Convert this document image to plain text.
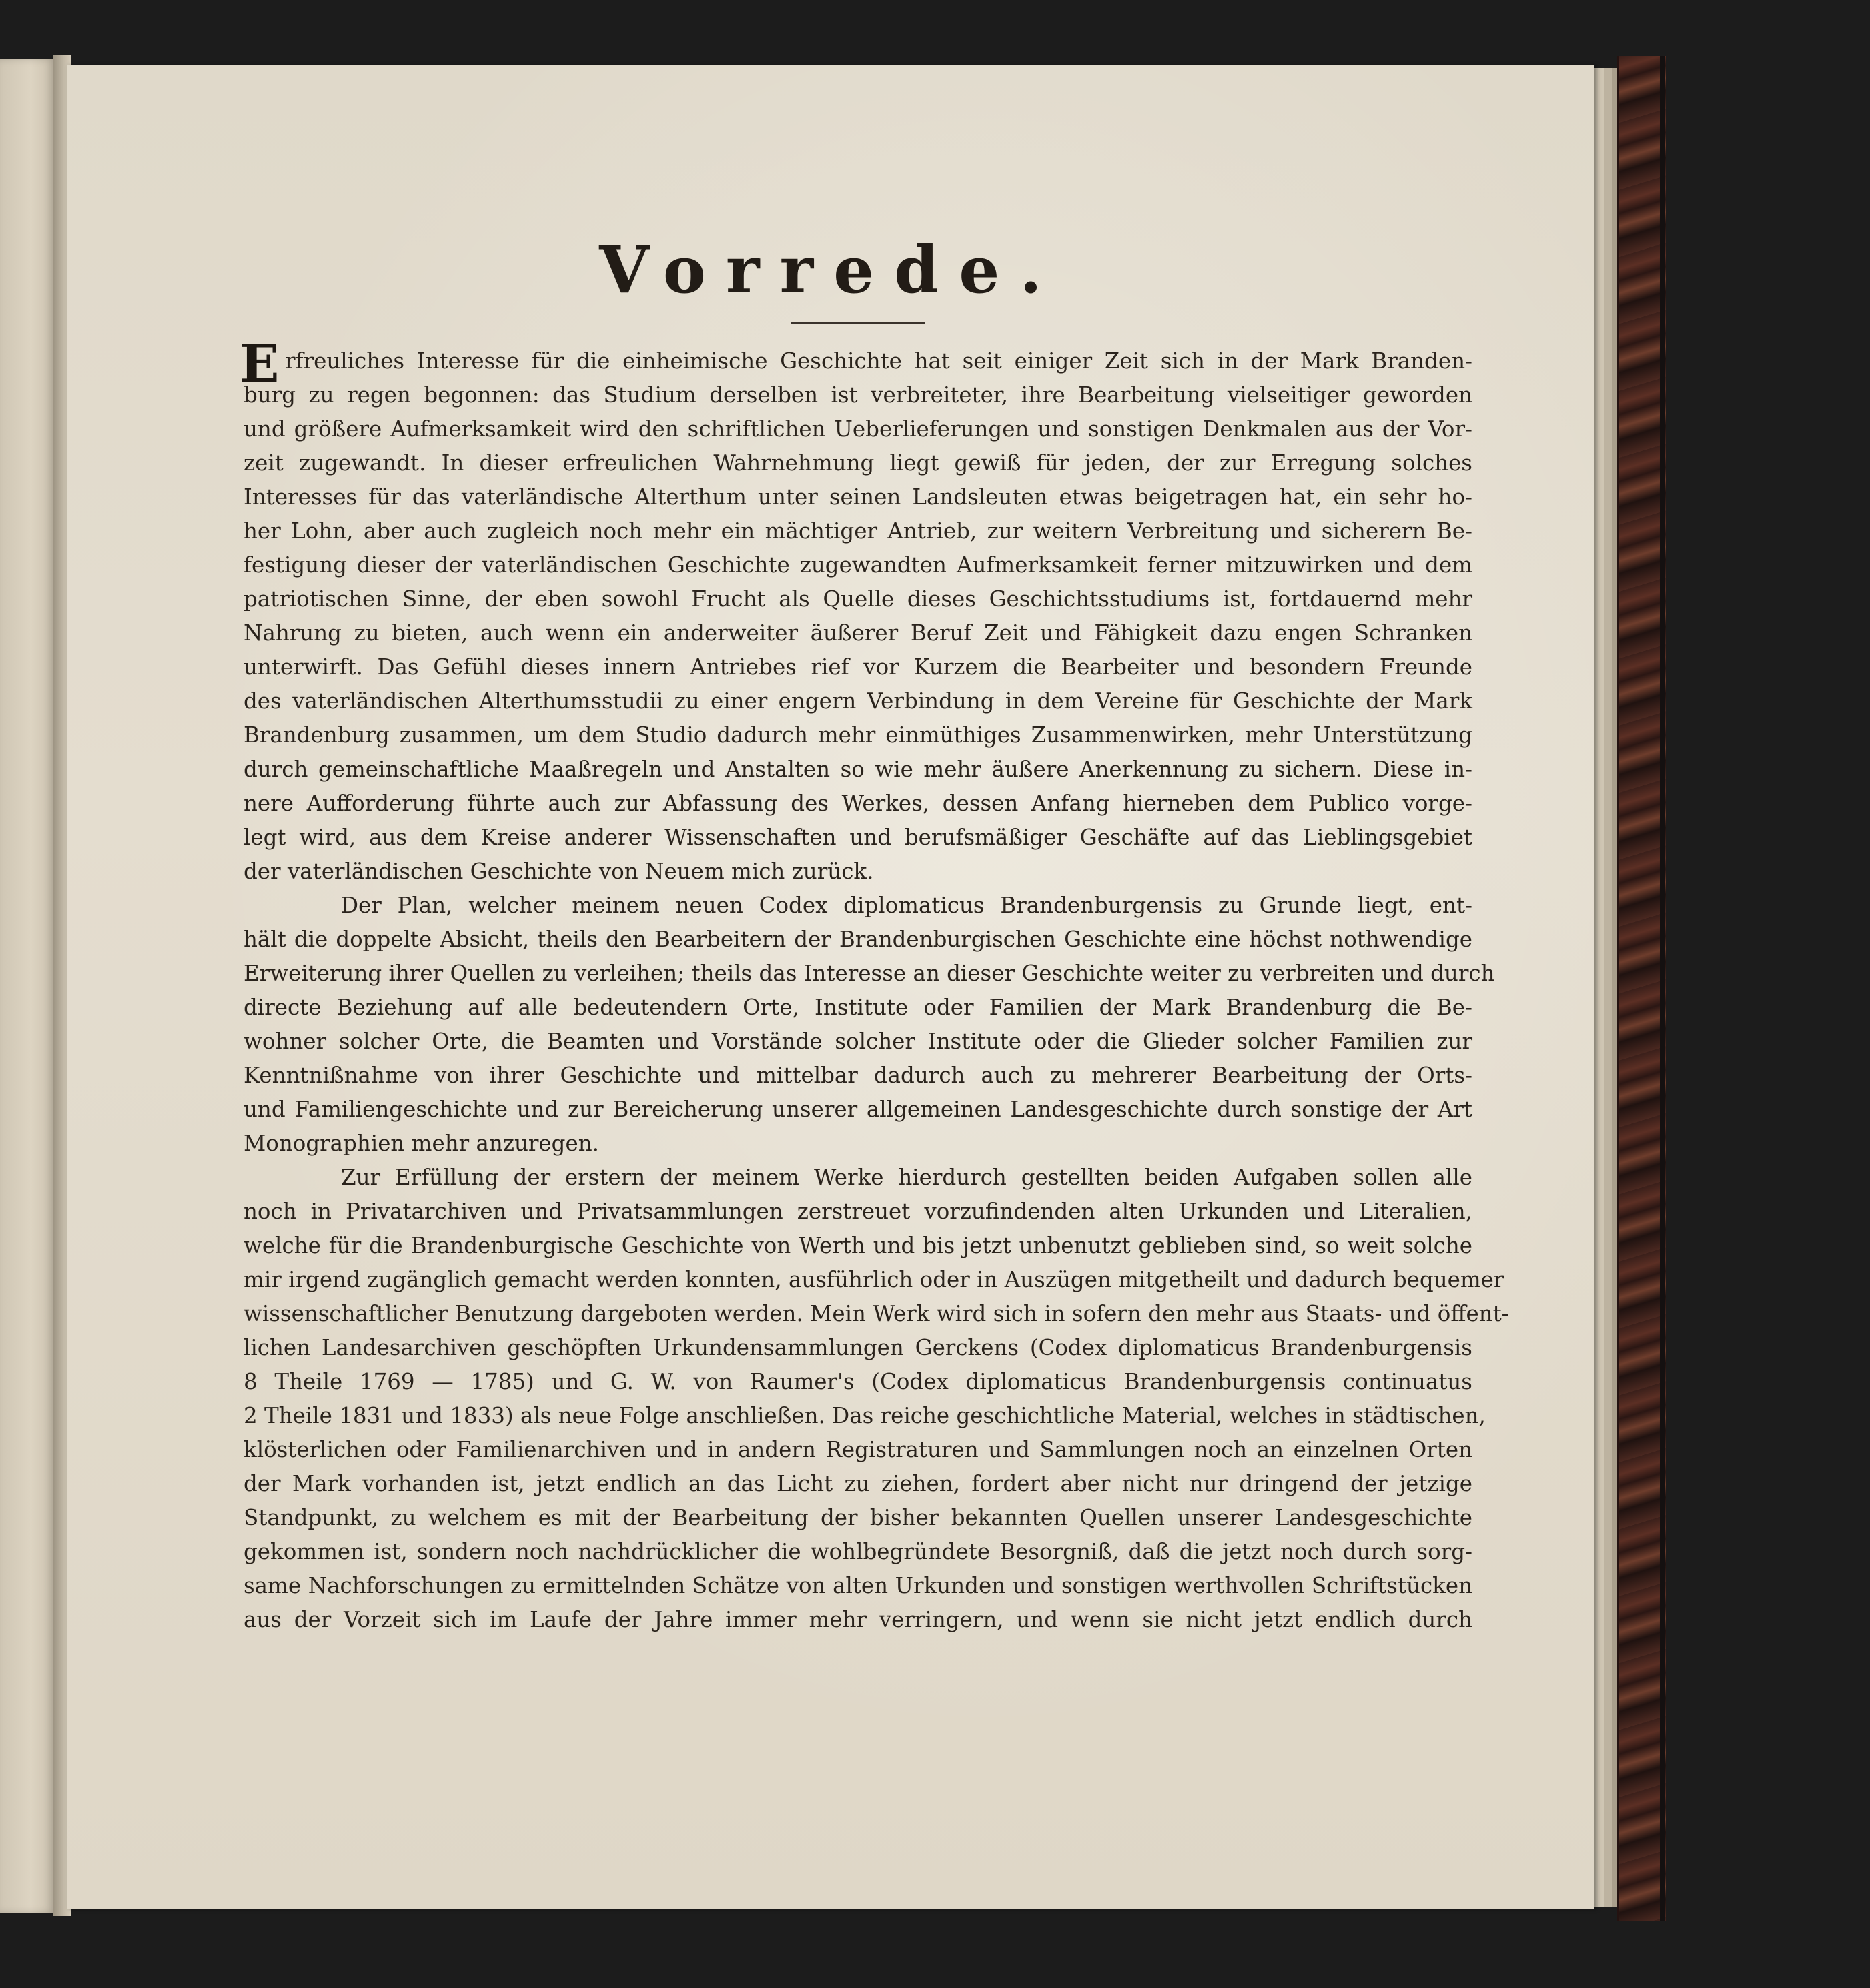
Vorrede.
E rfreuliches Interesse für die einheimische Geschichte hat seit einiger Zeit sich in der Mark Branden-
burg zu regen begonnen: das Studium derselben ist verbreiteter, ihre Bearbeitung vielseitiger geworden
und größere Aufmerksamkeit wird den schriftlichen Ueberlieferungen und sonstigen Denkmalen aus der Vor-
zeit zugewandt. In dieser erfreulichen Wahrnehmung liegt gewiß für jeden, der zur Erregung solches
Interesses für das vaterländische Alterthum unter seinen Landsleuten etwas beigetragen hat, ein sehr ho-
her Lohn, aber auch zugleich noch mehr ein mächtiger Antrieb, zur weitern Verbreitung und sicherern Be-
festigung dieser der vaterländischen Geschichte zugewandten Aufmerksamkeit ferner mitzuwirken und dem
patriotischen Sinne, der eben sowohl Frucht als Quelle dieses Geschichtsstudiums ist, fortdauernd mehr
Nahrung zu bieten, auch wenn ein anderweiter äußerer Beruf Zeit und Fähigkeit dazu engen Schranken
unterwirft. Das Gefühl dieses innern Antriebes rief vor Kurzem die Bearbeiter und besondern Freunde
des vaterländischen Alterthumsstudii zu einer engern Verbindung in dem Vereine für Geschichte der Mark
Brandenburg zusammen, um dem Studio dadurch mehr einmüthiges Zusammenwirken, mehr Unterstützung
durch gemeinschaftliche Maaßregeln und Anstalten so wie mehr äußere Anerkennung zu sichern. Diese in-
nere Aufforderung führte auch zur Abfassung des Werkes, dessen Anfang hierneben dem Publico vorge-
legt wird, aus dem Kreise anderer Wissenschaften und berufsmäßiger Geschäfte auf das Lieblingsgebiet
der vaterländischen Geschichte von Neuem mich zurück.
Der Plan, welcher meinem neuen Codex diplomaticus Brandenburgensis zu Grunde liegt, ent-
hält die doppelte Absicht, theils den Bearbeitern der Brandenburgischen Geschichte eine höchst nothwendige
Erweiterung ihrer Quellen zu verleihen; theils das Interesse an dieser Geschichte weiter zu verbreiten und durch
directe Beziehung auf alle bedeutendern Orte, Institute oder Familien der Mark Brandenburg die Be-
wohner solcher Orte, die Beamten und Vorstände solcher Institute oder die Glieder solcher Familien zur
Kenntnißnahme von ihrer Geschichte und mittelbar dadurch auch zu mehrerer Bearbeitung der Orts-
und Familiengeschichte und zur Bereicherung unserer allgemeinen Landesgeschichte durch sonstige der Art
Monographien mehr anzuregen.
Zur Erfüllung der erstern der meinem Werke hierdurch gestellten beiden Aufgaben sollen alle
noch in Privatarchiven und Privatsammlungen zerstreuet vorzufindenden alten Urkunden und Literalien,
welche für die Brandenburgische Geschichte von Werth und bis jetzt unbenutzt geblieben sind, so weit solche
mir irgend zugänglich gemacht werden konnten, ausführlich oder in Auszügen mitgetheilt und dadurch bequemer
wissenschaftlicher Benutzung dargeboten werden. Mein Werk wird sich in sofern den mehr aus Staats- und öffent-
lichen Landesarchiven geschöpften Urkundensammlungen Gerckens (Codex diplomaticus Brandenburgensis
8 Theile 1769 — 1785) und G. W. von Raumer's (Codex diplomaticus Brandenburgensis continuatus
2 Theile 1831 und 1833) als neue Folge anschließen. Das reiche geschichtliche Material, welches in städtischen,
klösterlichen oder Familienarchiven und in andern Registraturen und Sammlungen noch an einzelnen Orten
der Mark vorhanden ist, jetzt endlich an das Licht zu ziehen, fordert aber nicht nur dringend der jetzige
Standpunkt, zu welchem es mit der Bearbeitung der bisher bekannten Quellen unserer Landesgeschichte
gekommen ist, sondern noch nachdrücklicher die wohlbegründete Besorgniß, daß die jetzt noch durch sorg-
same Nachforschungen zu ermittelnden Schätze von alten Urkunden und sonstigen werthvollen Schriftstücken
aus der Vorzeit sich im Laufe der Jahre immer mehr verringern, und wenn sie nicht jetzt endlich durch
